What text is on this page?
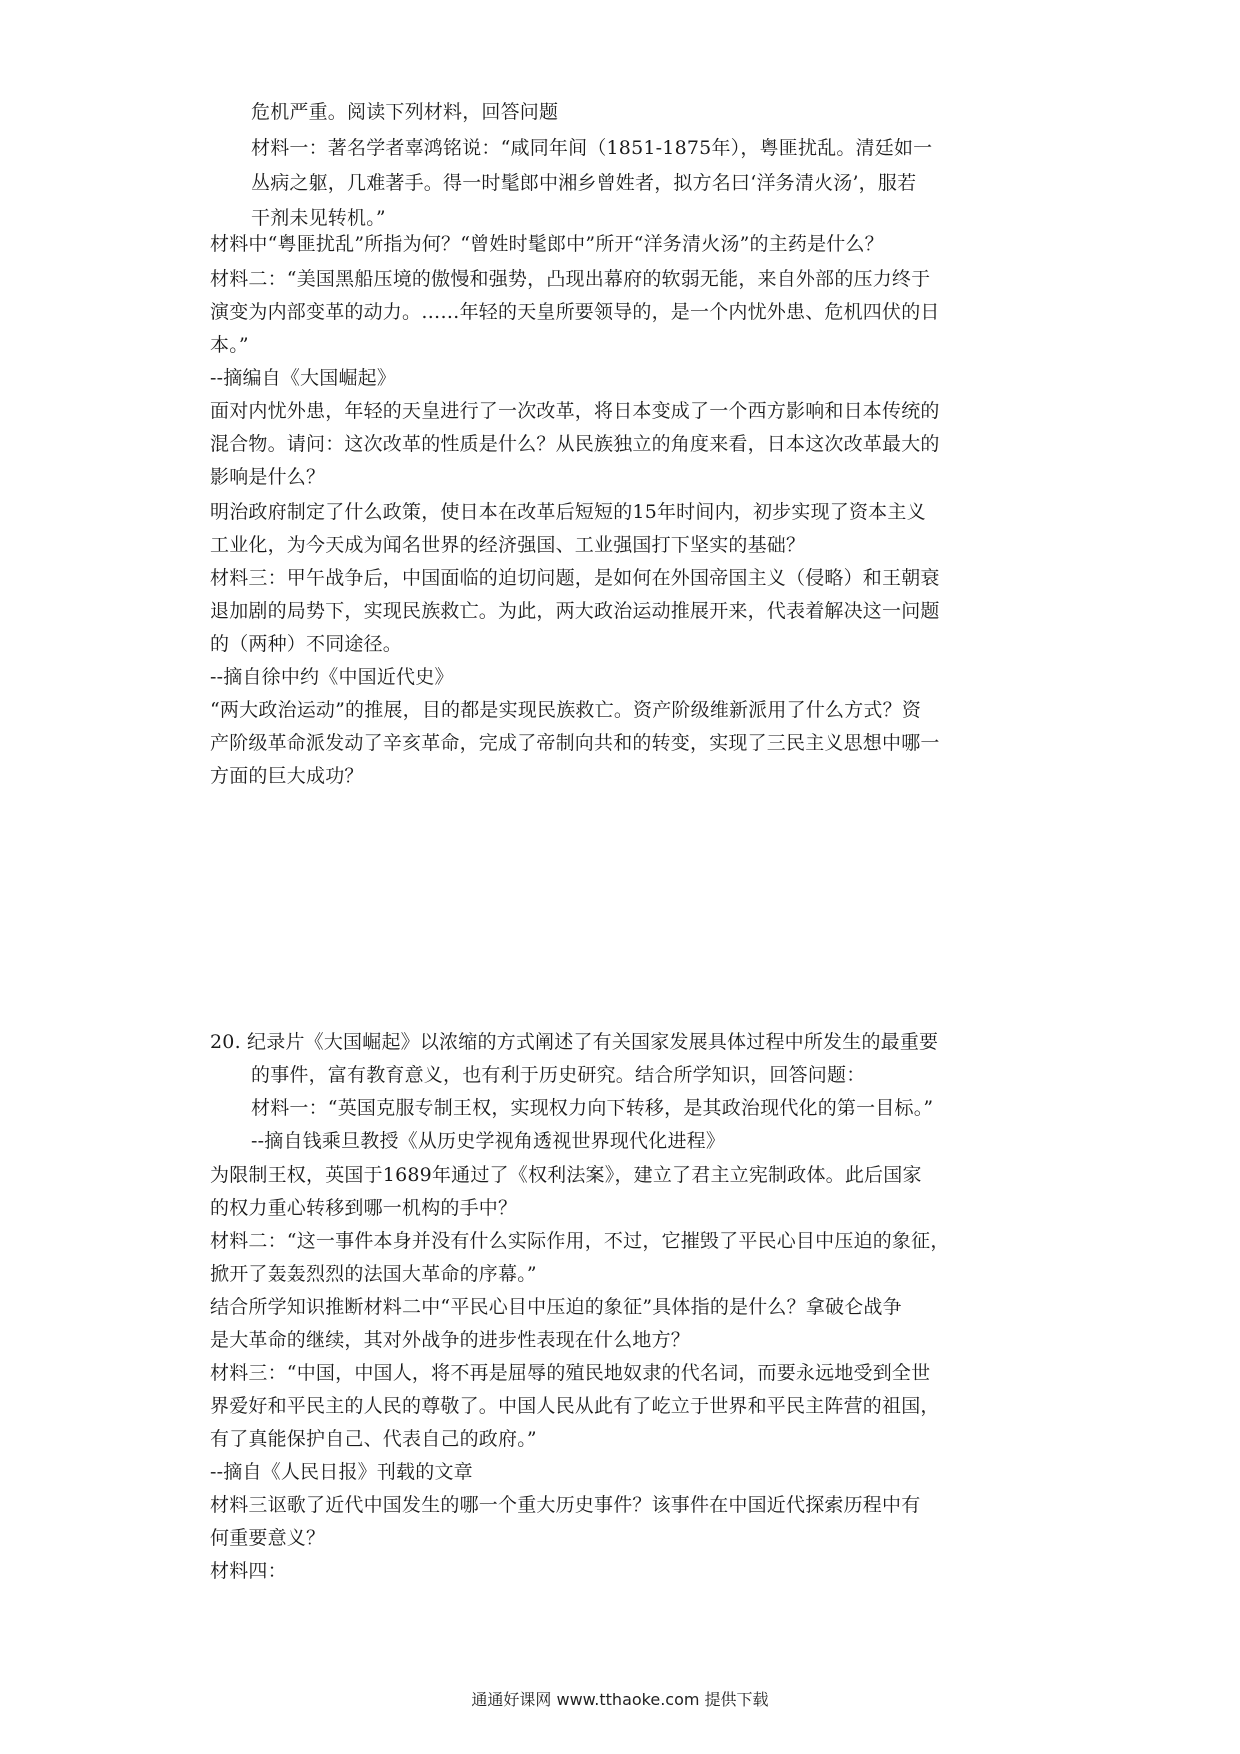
危机严重。阅读下列材料，回答问题
材料一：著名学者辜鸿铭说：“咸同年间（1851-1875年），粤匪扰乱。清廷如一
丛病之躯，几难著手。得一时髦郎中湘乡曾姓者，拟方名曰‘洋务清火汤’，服若
干剂未见转机。”
材料中“粤匪扰乱”所指为何？“曾姓时髦郎中”所开“洋务清火汤”的主药是什么？
材料二：“美国黑船压境的傲慢和强势，凸现出幕府的软弱无能，来自外部的压力终于
演变为内部变革的动力。……年轻的天皇所要领导的，是一个内忧外患、危机四伏的日
本。”
--摘编自《大国崛起》
面对内忧外患，年轻的天皇进行了一次改革，将日本变成了一个西方影响和日本传统的
混合物。请问：这次改革的性质是什么？从民族独立的角度来看，日本这次改革最大的
影响是什么？
明治政府制定了什么政策，使日本在改革后短短的15年时间内，初步实现了资本主义
工业化，为今天成为闻名世界的经济强国、工业强国打下坚实的基础？
材料三：甲午战争后，中国面临的迫切问题，是如何在外国帝国主义（侵略）和王朝衰
退加剧的局势下，实现民族救亡。为此，两大政治运动推展开来，代表着解决这一问题
的（两种）不同途径。
--摘自徐中约《中国近代史》
“两大政治运动”的推展，目的都是实现民族救亡。资产阶级维新派用了什么方式？资
产阶级革命派发动了辛亥革命，完成了帝制向共和的转变，实现了三民主义思想中哪一
方面的巨大成功？
20. 纪录片《大国崛起》以浓缩的方式阐述了有关国家发展具体过程中所发生的最重要
的事件，富有教育意义，也有利于历史研究。结合所学知识，回答问题：
材料一：“英国克服专制王权，实现权力向下转移，是其政治现代化的第一目标。”
--摘自钱乘旦教授《从历史学视角透视世界现代化进程》
为限制王权，英国于1689年通过了《权利法案》，建立了君主立宪制政体。此后国家
的权力重心转移到哪一机构的手中？
材料二：“这一事件本身并没有什么实际作用，不过，它摧毁了平民心目中压迫的象征，
掀开了轰轰烈烈的法国大革命的序幕。”
结合所学知识推断材料二中“平民心目中压迫的象征”具体指的是什么？拿破仑战争
是大革命的继续，其对外战争的进步性表现在什么地方？
材料三：“中国，中国人，将不再是屈辱的殖民地奴隶的代名词，而要永远地受到全世
界爱好和平民主的人民的尊敬了。中国人民从此有了屹立于世界和平民主阵营的祖国，
有了真能保护自己、代表自己的政府。”
--摘自《人民日报》刊载的文章
材料三讴歌了近代中国发生的哪一个重大历史事件？该事件在中国近代探索历程中有
何重要意义？
材料四：
通通好课网 www.tthaoke.com 提供下载
